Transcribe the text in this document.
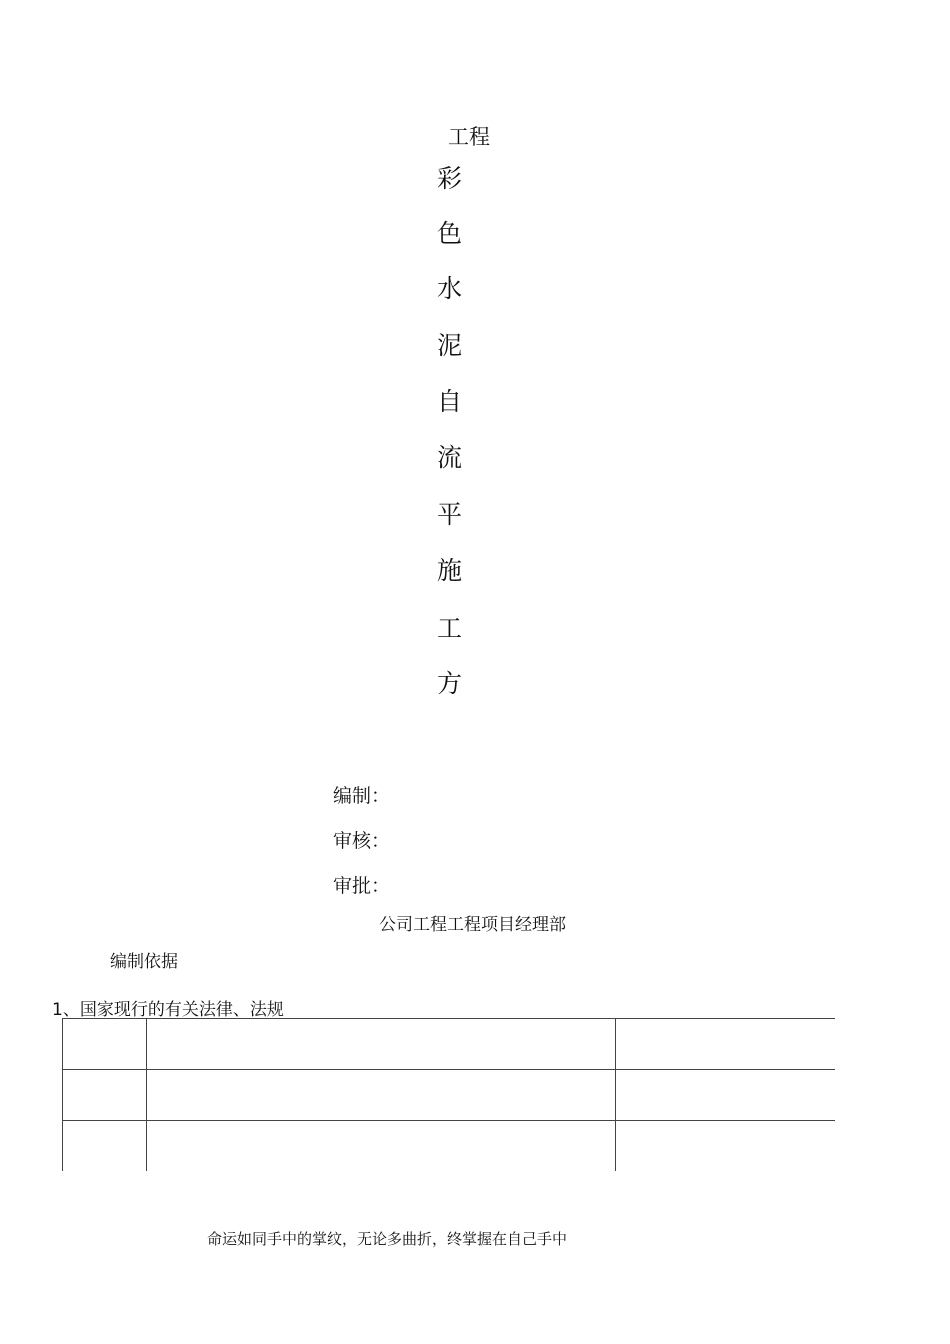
工程
彩
色
水
泥
自
流
平
施
工
方
编制：
审核：
审批：
公司工程工程项目经理部
编制依据
1、国家现行的有关法律、法规

命运如同手中的掌纹，无论多曲折，终掌握在自己手中
